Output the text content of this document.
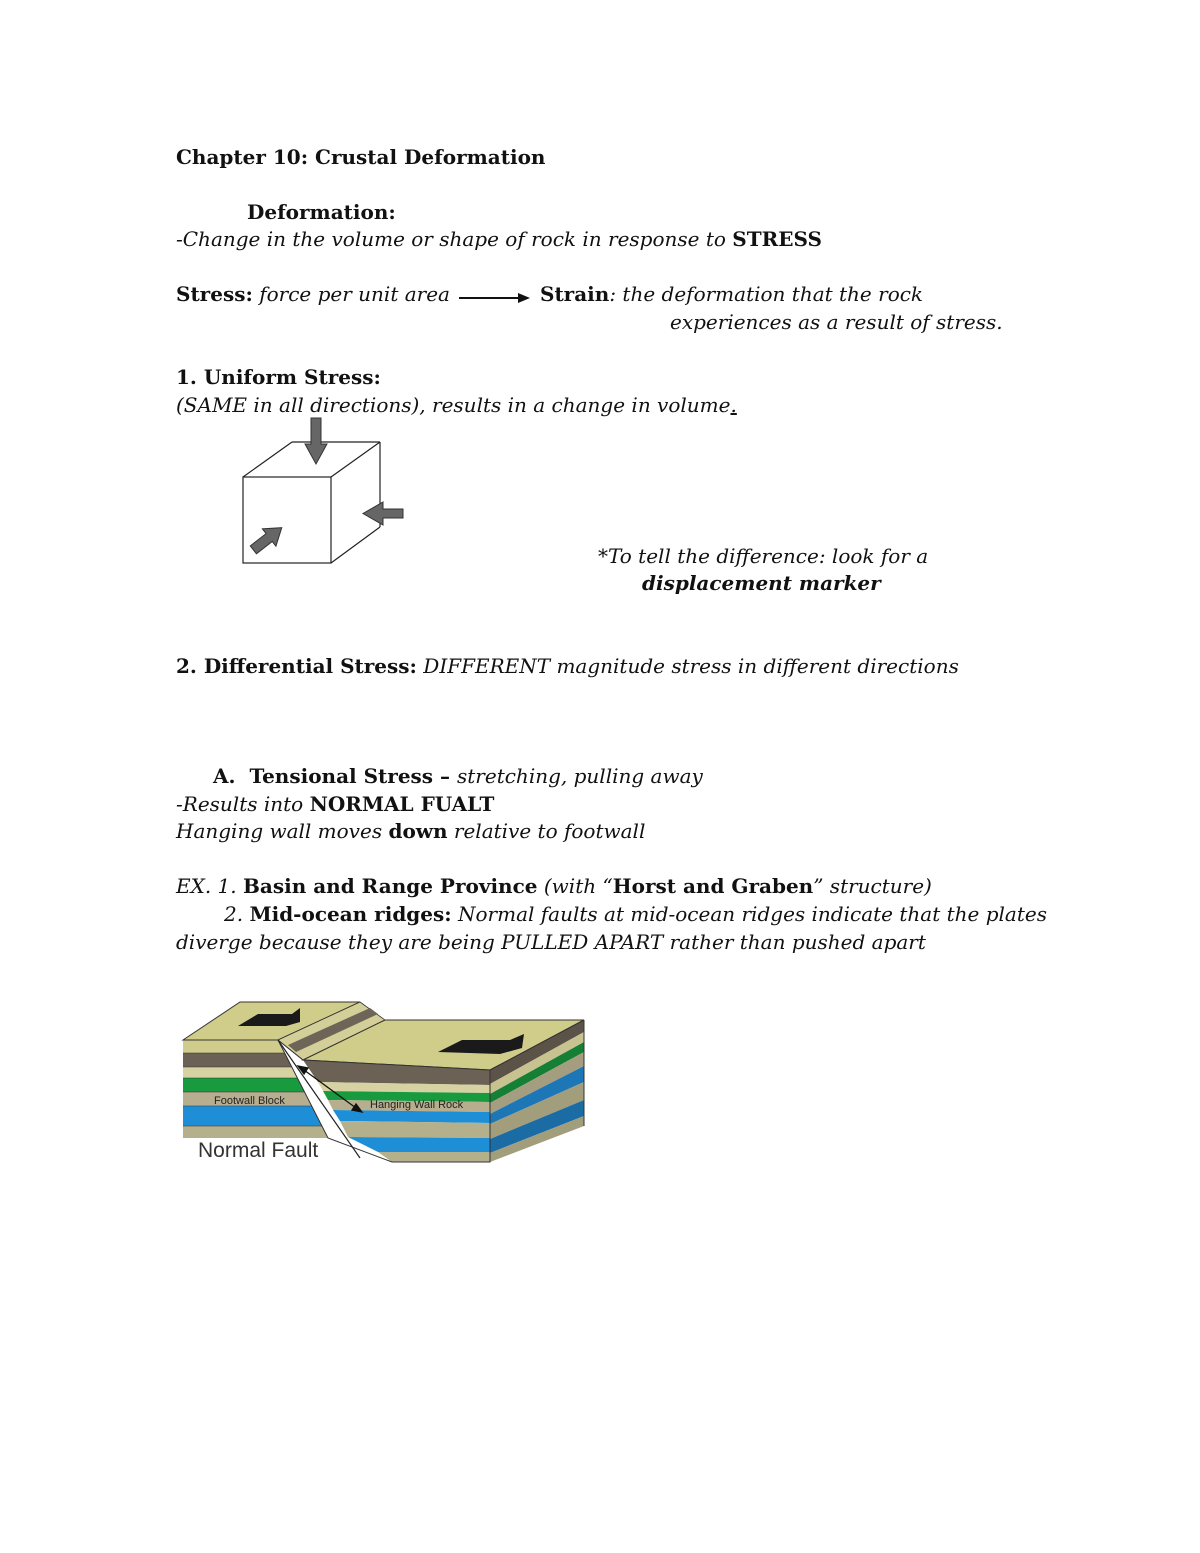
Chapter 10: Crustal Deformation
Deformation:
-Change in the volume or shape of rock in response to STRESS
Stress: force per unit area	Strain: the deformation that the rock
experiences as a result of stress.
1. Uniform Stress:
(SAME in all directions), results in a change in volume.
*To tell the difference: look for a
displacement marker
2. Differential Stress: DIFFERENT magnitude stress in different directions
A. Tensional Stress – stretching, pulling away
-Results into NORMAL FUALT
Hanging wall moves down relative to footwall
EX. 1. Basin and Range Province (with “Horst and Graben” structure)
2. Mid-ocean ridges: Normal faults at mid-ocean ridges indicate that the plates
diverge because they are being PULLED APART rather than pushed apart
Footwall Block	Hanging Wall Rock
Normal Fault
